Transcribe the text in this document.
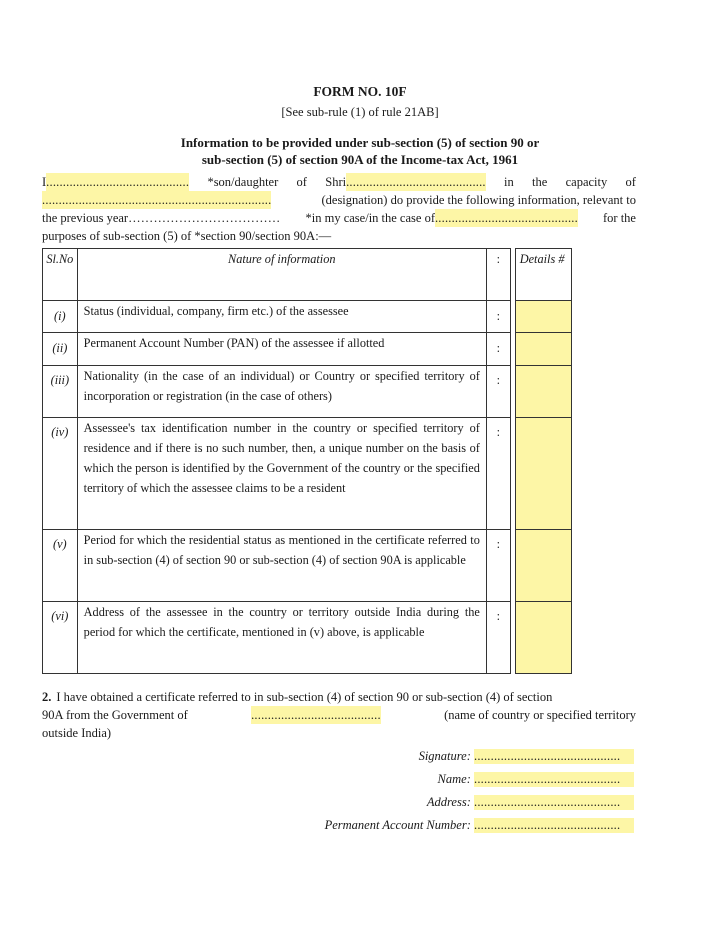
FORM NO. 10F
[See sub-rule (1) of rule 21AB]
Information to be provided under sub-section (5) of section 90 or
sub-section (5) of section 90A of the Income-tax Act, 1961
I........................................... *son/daughter of Shri.......................................... in the capacity of
.....................................................................	(designation) do provide the following information, relevant to
the previous year……………………………… *in my case/in the case of........................................... for the
purposes of sub-section (5) of *section 90/section 90A:—
Sl.No	Nature of information	:		Details #
(i)	Status (individual, company, firm etc.) of the assessee	:		
(ii)	Permanent Account Number (PAN) of the assessee if allotted	:		
(iii)	Nationality (in the case of an individual) or Country or specified territory of incorporation or registration (in the case of others)	:		
(iv)	Assessee's tax identification number in the country or specified territory of residence and if there is no such number, then, a unique number on the basis of which the person is identified by the Government of the country or the specified territory of which the assessee claims to be a resident	:		
(v)	Period for which the residential status as mentioned in the certificate referred to in sub-section (4) of section 90 or sub-section (4) of section 90A is applicable	:		
(vi)	Address of the assessee in the country or territory outside India during the period for which the certificate, mentioned in (v) above, is applicable	:		
2. I have obtained a certificate referred to in sub-section (4) of section 90 or sub-section (4) of section
90A from the Government of	.......................................	(name of country or specified territory
outside India)
Signature: ............................................
Name: ............................................
Address: ............................................
Permanent Account Number: ............................................
